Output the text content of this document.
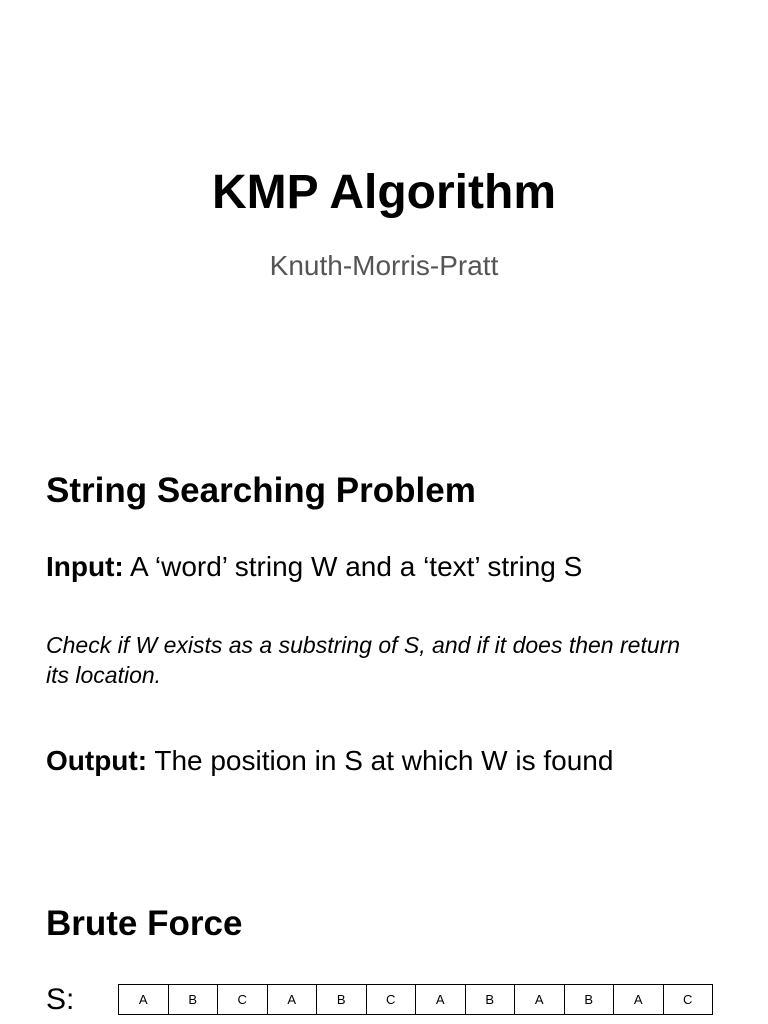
KMP Algorithm
Knuth-Morris-Pratt
String Searching Problem
Input: A ‘word’ string W and a ‘text’ string S
Check if W exists as a substring of S, and if it does then return its location.
Output: The position in S at which W is found
Brute Force
S:	A	B	C	A	B	C	A	B	A	B	A	C
